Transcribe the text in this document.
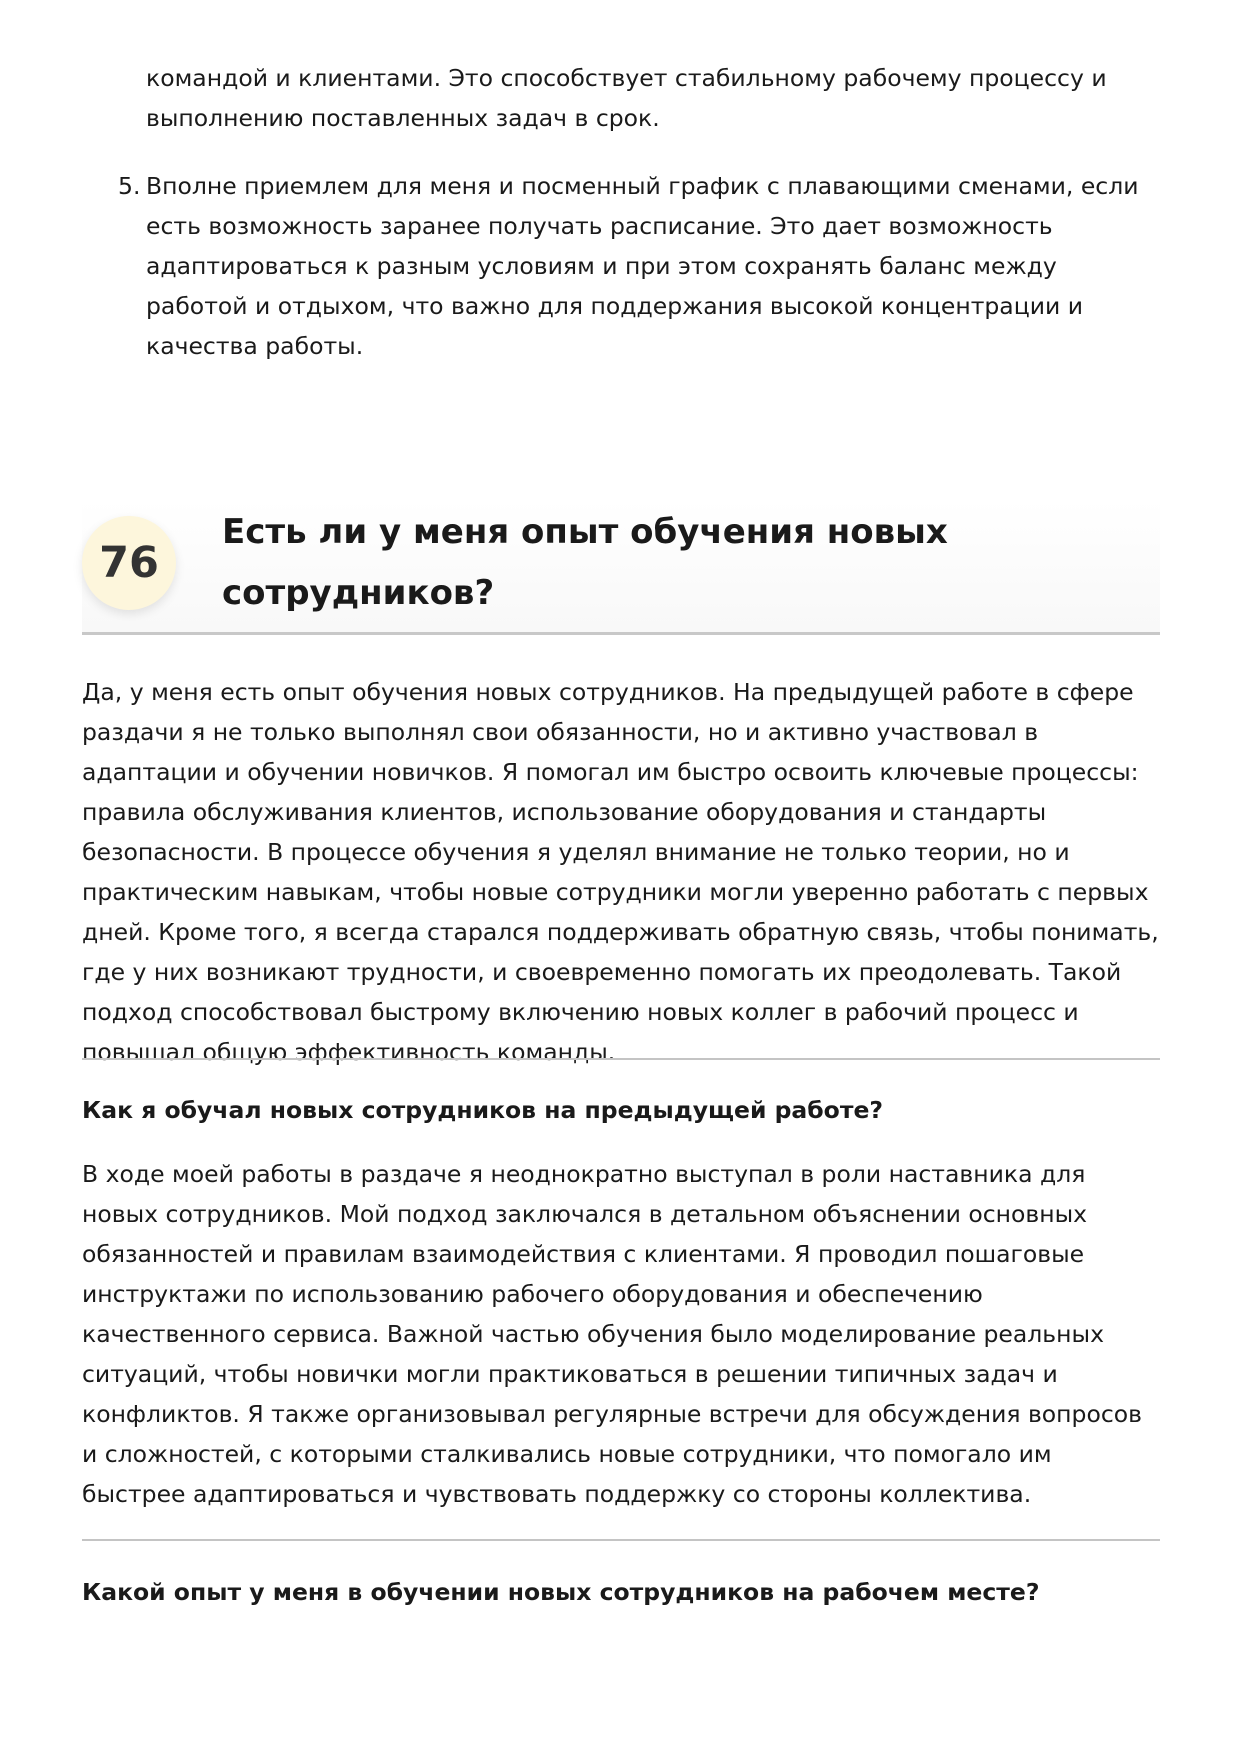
командой и клиентами. Это способствует стабильному рабочему процессу и выполнению поставленных задач в срок.

5. Вполне приемлем для меня и посменный график с плавающими сменами, если есть возможность заранее получать расписание. Это дает возможность адаптироваться к разным условиям и при этом сохранять баланс между работой и отдыхом, что важно для поддержания высокой концентрации и качества работы.
76
Есть ли у меня опыт обучения новых сотрудников?

Да, у меня есть опыт обучения новых сотрудников. На предыдущей работе в сфере раздачи я не только выполнял свои обязанности, но и активно участвовал в адаптации и обучении новичков. Я помогал им быстро освоить ключевые процессы: правила обслуживания клиентов, использование оборудования и стандарты безопасности. В процессе обучения я уделял внимание не только теории, но и практическим навыкам, чтобы новые сотрудники могли уверенно работать с первых дней. Кроме того, я всегда старался поддерживать обратную связь, чтобы понимать, где у них возникают трудности, и своевременно помогать их преодолевать. Такой подход способствовал быстрому включению новых коллег в рабочий процесс и повышал общую эффективность команды.

Как я обучал новых сотрудников на предыдущей работе?

В ходе моей работы в раздаче я неоднократно выступал в роли наставника для новых сотрудников. Мой подход заключался в детальном объяснении основных обязанностей и правилам взаимодействия с клиентами. Я проводил пошаговые инструктажи по использованию рабочего оборудования и обеспечению качественного сервиса. Важной частью обучения было моделирование реальных ситуаций, чтобы новички могли практиковаться в решении типичных задач и конфликтов. Я также организовывал регулярные встречи для обсуждения вопросов и сложностей, с которыми сталкивались новые сотрудники, что помогало им быстрее адаптироваться и чувствовать поддержку со стороны коллектива.

Какой опыт у меня в обучении новых сотрудников на рабочем месте?
